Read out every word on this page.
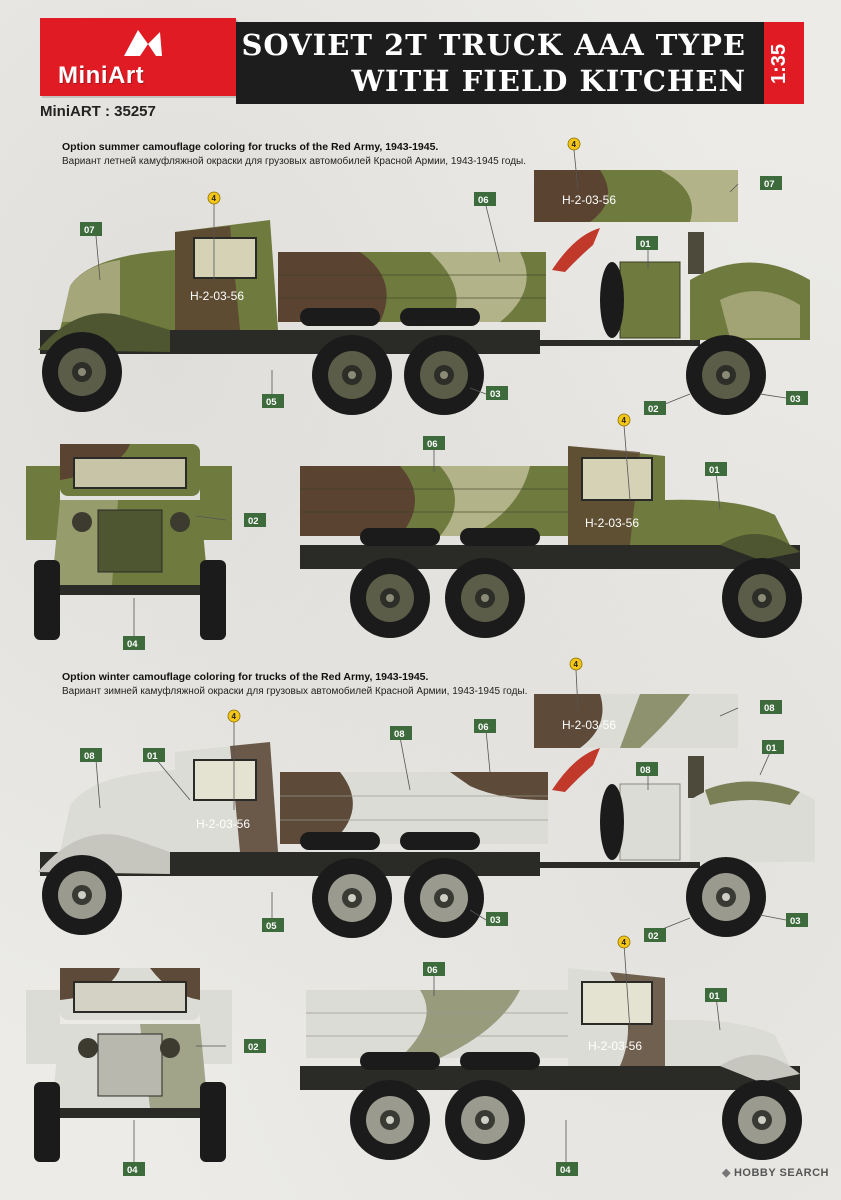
MiniArt
MiniART : 35257
SOVIET 2T TRUCK AAA TYPE
WITH FIELD KITCHEN 1:35
Option summer camouflage coloring for trucks of the Red Army, 1943-1945.
Вариант летней камуфляжной окраски для грузовых автомобилей Красной Армии, 1943-1945 годы.
Option winter camouflage coloring for trucks of the Red Army, 1943-1945.
Вариант зимней камуфляжной окраски для грузовых автомобилей Красной Армии, 1943-1945 годы.
H-2-03-56
H-2-03-56
H-2-03-56
H-2-03-56
H-2-03-56
H-2-03-56
07
06
07
01
05
03
02
03
02
04
06
01
08	01
08
06
08
01
08
05
03
02
03
02
04
06
01
04
4
4
4
4
4
4
◆ HOBBY SEARCH
